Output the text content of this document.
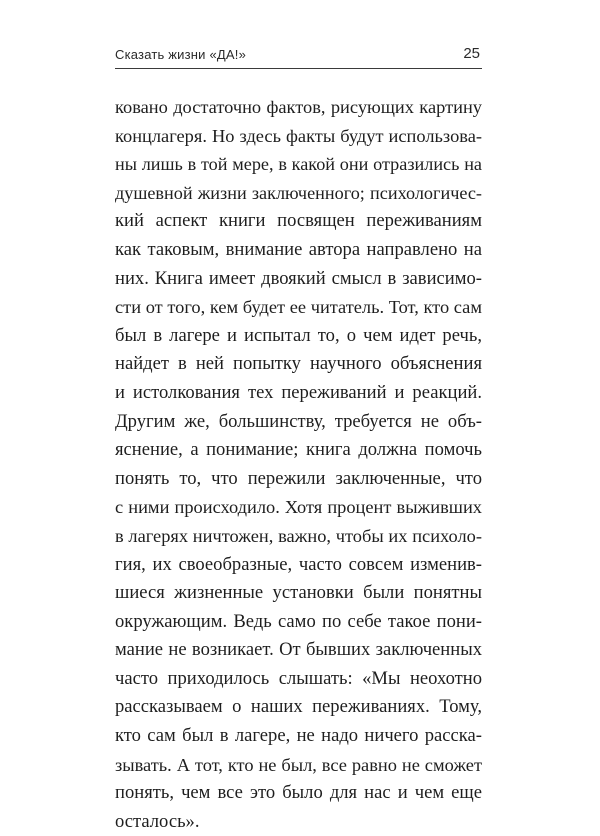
Сказать жизни «ДА!»	25
ковано достаточно фактов, рисующих картину
концлагеря. Но здесь факты будут использова-
ны лишь в той мере, в какой они отразились на
душевной жизни заключенного; психологичес-
кий аспект книги посвящен переживаниям
как таковым, внимание автора направлено на
них. Книга имеет двоякий смысл в зависимо-
сти от того, кем будет ее читатель. Тот, кто сам
был в лагере и испытал то, о чем идет речь,
найдет в ней попытку научного объяснения
и истолкования тех переживаний и реакций.
Другим же, большинству, требуется не объ-
яснение, а понимание; книга должна помочь
понять то, что пережили заключенные, что
с ними происходило. Хотя процент выживших
в лагерях ничтожен, важно, чтобы их психоло-
гия, их своеобразные, часто совсем изменив-
шиеся жизненные установки были понятны
окружающим. Ведь само по себе такое пони-
мание не возникает. От бывших заключенных
часто приходилось слышать: «Мы неохотно
рассказываем о наших переживаниях. Тому,
кто сам был в лагере, не надо ничего расска-
зывать. А тот, кто не был, все равно не сможет
понять, чем все это было для нас и чем еще
осталось».
